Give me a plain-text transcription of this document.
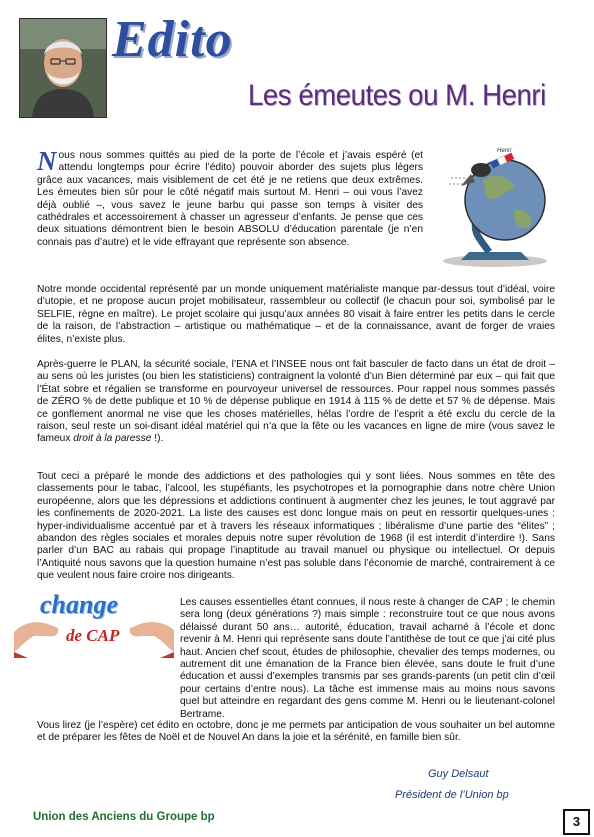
Edito
Les émeutes ou M. Henri

Nous nous sommes quittés au pied de la porte de l’école et j’avais espéré (et attendu longtemps pour écrire l’édito) pouvoir aborder des sujets plus légers grâce aux vacances, mais visiblement de cet été je ne retiens que deux extrêmes. Les émeutes bien sûr pour le côté négatif mais surtout M. Henri – oui vous l’avez déjà oublié –, vous savez le jeune barbu qui passe son temps à visiter des cathédrales et accessoirement à chasser un agresseur d’enfants. Je pense que ces deux situations démontrent bien le besoin ABSOLU d’éducation parentale (je n’en connais pas d’autre) et le vide effrayant que représente son absence.

Henri

Notre monde occidental représenté par un monde uniquement matérialiste manque par-dessus tout d’idéal, voire d’utopie, et ne propose aucun projet mobilisateur, rassembleur ou collectif (le chacun pour soi, symbolisé par le SELFIE, règne en maître). Le projet scolaire qui jusqu’aux années 80 visait à faire entrer les petits dans le cercle de la raison, de l’abstraction – artistique ou mathématique – et de la connaissance, avant de forger de vraies élites, n’existe plus.

Après-guerre le PLAN, la sécurité sociale, l’ENA et l’INSEE nous ont fait basculer de facto dans un état de droit – au sens où les juristes (ou bien les statisticiens) contraignent la volonté d’un Bien déterminé par eux – qui fait que l’État sobre et régalien se transforme en pourvoyeur universel de ressources. Pour rappel nous sommes passés de ZÉRO % de dette publique et 10 % de dépense publique en 1914 à 115 % de dette et 57 % de dépense. Mais ce gonflement anormal ne vise que les choses matérielles, hélas l’ordre de l’esprit a été exclu du cercle de la raison, seul reste un soi-disant idéal matériel qui n’a que la fête ou les vacances en ligne de mire (vous savez le fameux droit à la paresse !).

Tout ceci a préparé le monde des addictions et des pathologies qui y sont liées. Nous sommes en tête des classements pour le tabac, l’alcool, les stupéfiants, les psychotropes et la pornographie dans notre chère Union européenne, alors que les dépressions et addictions continuent à augmenter chez les jeunes, le tout aggravé par les confinements de 2020-2021. La liste des causes est donc longue mais on peut en ressortir quelques-unes : hyper-individualisme accentué par et à travers les réseaux informatiques ; libéralisme d’une partie des “élites” ; abandon des règles sociales et morales depuis notre super révolution de 1968 (il est interdit d’interdire !). Sans parler d’un BAC au rabais qui propage l’inaptitude au travail manuel ou physique ou intellectuel. Or depuis l’Antiquité nous savons que la question humaine n’est pas soluble dans l’économie de marché, contrairement à ce que veulent nous faire croire nos dirigeants.

change
de CAP

Les causes essentielles étant connues, il nous reste à changer de CAP ; le chemin sera long (deux générations ?) mais simple : reconstruire tout ce que nous avons délaissé durant 50 ans… autorité, éducation, travail acharné à l’école et donc revenir à M. Henri qui représente sans doute l’antithèse de tout ce que j’ai cité plus haut. Ancien chef scout, études de philosophie, chevalier des temps modernes, ou autrement dit une émanation de la France bien élevée, sans doute le fruit d’une éducation et aussi d’exemples transmis par ses grands-parents (un petit clin d’œil pour certains d’entre nous). La tâche est immense mais au moins nous savons quel but atteindre en regardant des gens comme M. Henri ou le lieutenant-colonel Bertrame.

Vous lirez (je l’espère) cet édito en octobre, donc je me permets par anticipation de vous souhaiter un bel automne et de préparer les fêtes de Noël et de Nouvel An dans la joie et la sérénité, en famille bien sûr.

Guy Delsaut
Président de l’Union bp
Union des Anciens du Groupe bp	3
